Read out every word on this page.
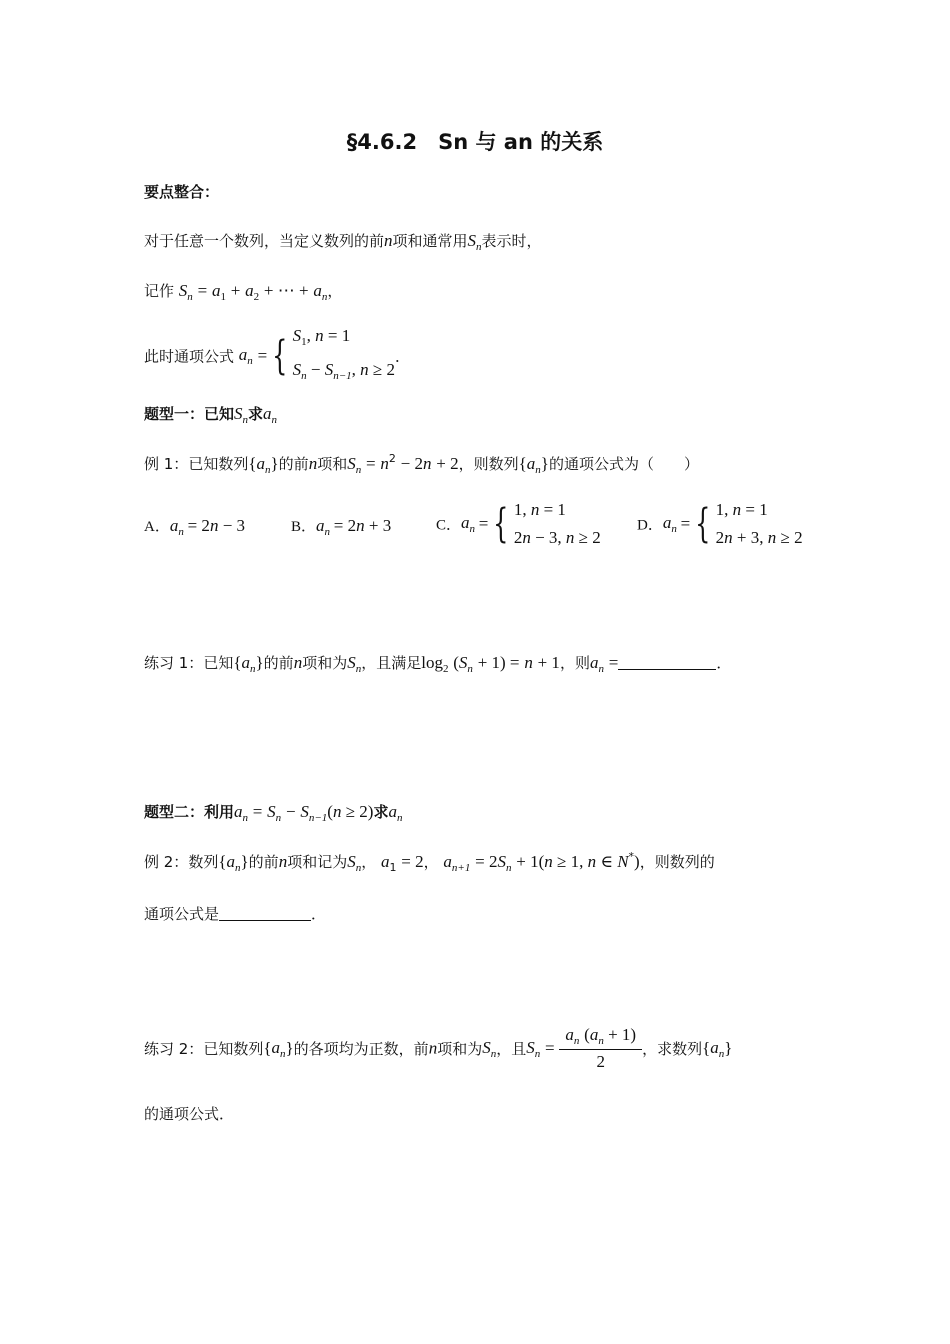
§4.6.2　Sn 与 an 的关系
要点整合：
对于任意一个数列，当定义数列的前n项和通常用$S_n$表示时，
记作 $S_n = a_1 + a_2$ + ⋯ + $a_n$，
此时通项公式 $a_n$ = { $S_1$, n = 1
$S_n - S_{n-1}$, n ≥ 2
．
题型一：已知$S_n$求$a_n$
例 1：已知数列$\{a_n\}$的前n项和$S_n = n^2 - 2n + 2$，则数列$\{a_n\}$的通项公式为（　　）
A．$a_n = 2n - 3$	B．$a_n = 2n + 3$	C．$a_n$ = { 1, n = 1
2n − 3, n ≥ 2
D．$a_n$ = { 1, n = 1
2n + 3, n ≥ 2
练习 1：已知$\{a_n\}$的前n项和为$S_n$，且满足$\log_2 (S_n + 1) = n + 1$，则$a_n$ =	．
题型二：利用$a_n = S_n - S_{n-1}(n \ge 2)$求$a_n$
例 2：数列$\{a_n\}$的前n项和记为$S_n$， $a_1 = 2$， $a_{n+1} = 2S_n + 1(n \ge 1$, n ∈ N*)，则数列的
通项公式是	．
练习 2：已知数列$\{a_n\}$的各项均为正数，前n项和为$S_n$，且$S_n = \frac{a_n (a_n + 1)}{2}$ ，求数列$\{a_n\}$
的通项公式．
